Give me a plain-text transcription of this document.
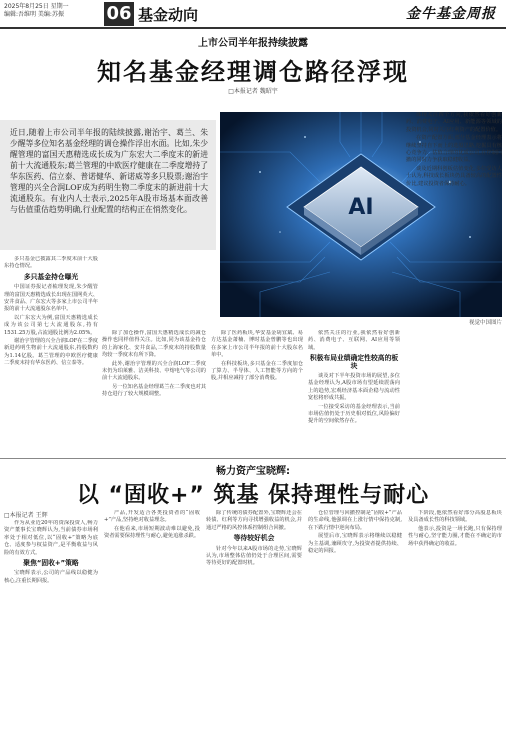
2025年8月25日 星期一
编辑:吾维明 美编:苏振	06 基金动向	金牛基金周报
上市公司半年报持续披露
知名基金经理调仓路径浮现
□本报记者 魏昭宇

近日,随着上市公司半年报的陆续披露,谢治宇、葛兰、朱少醒等多位知名基金经理的调仓操作浮出水面。比如,朱少醒管理的富国天惠精选成长成为广东宏大二季度末的新进前十大流通股东;葛兰管理的中欧医疗健康在二季度增持了华东医药、信立泰、普诺健华、新诺威等多只股票;谢治宇管理的兴全合润LOF成为药明生物二季度末的新进前十大流通股东。有业内人士表示,2025年A股市场基本面改善与估值重估趋势明确,行业配置的结构正在悄然变化。	AI
视觉中国图片

多只基金已披露其二季度末前十大股东持仓情况。

多只基金持仓曝光

中国证券报记者梳理发现,朱少醒管理的富国天惠精选成长出现在国网英大、安井食品、广东宏大等多家上市公司半年报的前十大流通股东名单中。

以广东宏大为例,富国天惠精选成长成为该公司第七大流通股东,持有1531.25万股,占流通股比例为2.05%。

谢治宇管理的兴全合润LOF在二季度新进药明生物前十大流通股东,持股数约为1.14亿股。葛兰管理的中欧医疗健康二季度末持有华东医药、信立泰等。

除了加仓操作,富国天惠精选成长的减仓操作也同样值得关注。比如,同为该基金持仓的上海家化、安井食品,二季度末的持股数量均较一季度末有所下降。

此外,谢治宇管理的兴全合润LOF二季度末仍为珀莱雅、洁美科技、中熔电气等公司的前十大流通股东。

另一位知名基金经理葛兰在二季度也对其持仓进行了较大规模调整。

除了医药板块,华安基金胡宜斌、易方达基金萧楠、博时基金曾鹏等也出现在多家上市公司半年报的前十大股东名单中。

在科技板块,多只基金在二季度加仓了算力、半导体、人工智能等方向的个股,并相应减持了部分消费股。

依然关注的行业,我依然看好创新药、消费电子、互联网、AI应用等领域。

积极布局业绩确定性较高的板块

谈及对下半年投资市场的展望,多位基金经理认为,A股市场有望延续震荡向上的趋势,宏观经济基本面企稳与流动性宽松将形成共振。

一位接受采访的基金经理表示,当前市场估值仍处于历史相对低位,风险偏好提升的空间依然存在。

体现关注四个方向,我依然看好创新药、消费电子、AI应用、新能源等领域的投资机会,同时关注红利资产的配置价值。

在资产配置方面,部分基金经理表示将继续坚持自下而上的选股思路,挖掘具有核心竞争力、估值合理的优质公司,在控制回撤的同时力争获取稳健收益。

谈及近期科创板估值变化,多位受访人士认为,科技成长板块仍具备较高的配置性价比,建议投资者保持耐心。

畅力资产宝晓辉:
以 “固收+” 筑基 保持理性与耐心
□本报记者 王辉

作为从业近20年的资深投资人,畅力资产董事长宝晓辉认为,当前债券市场利率处于相对低位,以“固收+”策略为底仓、适度参与权益资产,是平衡收益与风险的有效方式。

聚焦“固收+”策略

宝晓辉表示,公司的产品线以稳健为核心,注重长期回报。

产品,开发适合各类投资者的“固收+”产品,坚持绝对收益理念。

在他看来,市场短期波动难以避免,投资者需要保持理性与耐心,避免追涨杀跌。

除了传统的债券配置外,宝晓辉还会在转债、红利等方向寻找增强收益的机会,并通过严格的风控体系控制组合回撤。

等待较好机会

针对今年以来A股市场的走势,宝晓辉认为,市场整体估值仍处于合理区间,需要等待更好的配置时机。

仓位管理与回撤控制是“固收+”产品的生命线,他强调在上涨行情中保持克制,在下跌行情中逆向布局。

展望后市,宝晓辉表示将继续以稳健为主基调,兼顾攻守,为投资者提供持续、稳定的回报。

下阶段,他依然看好部分高股息板块及具备成长性的科技领域。

他表示,投资是一场长跑,只有保持理性与耐心,坚守能力圈,才能在不确定的市场中获得确定的收益。
